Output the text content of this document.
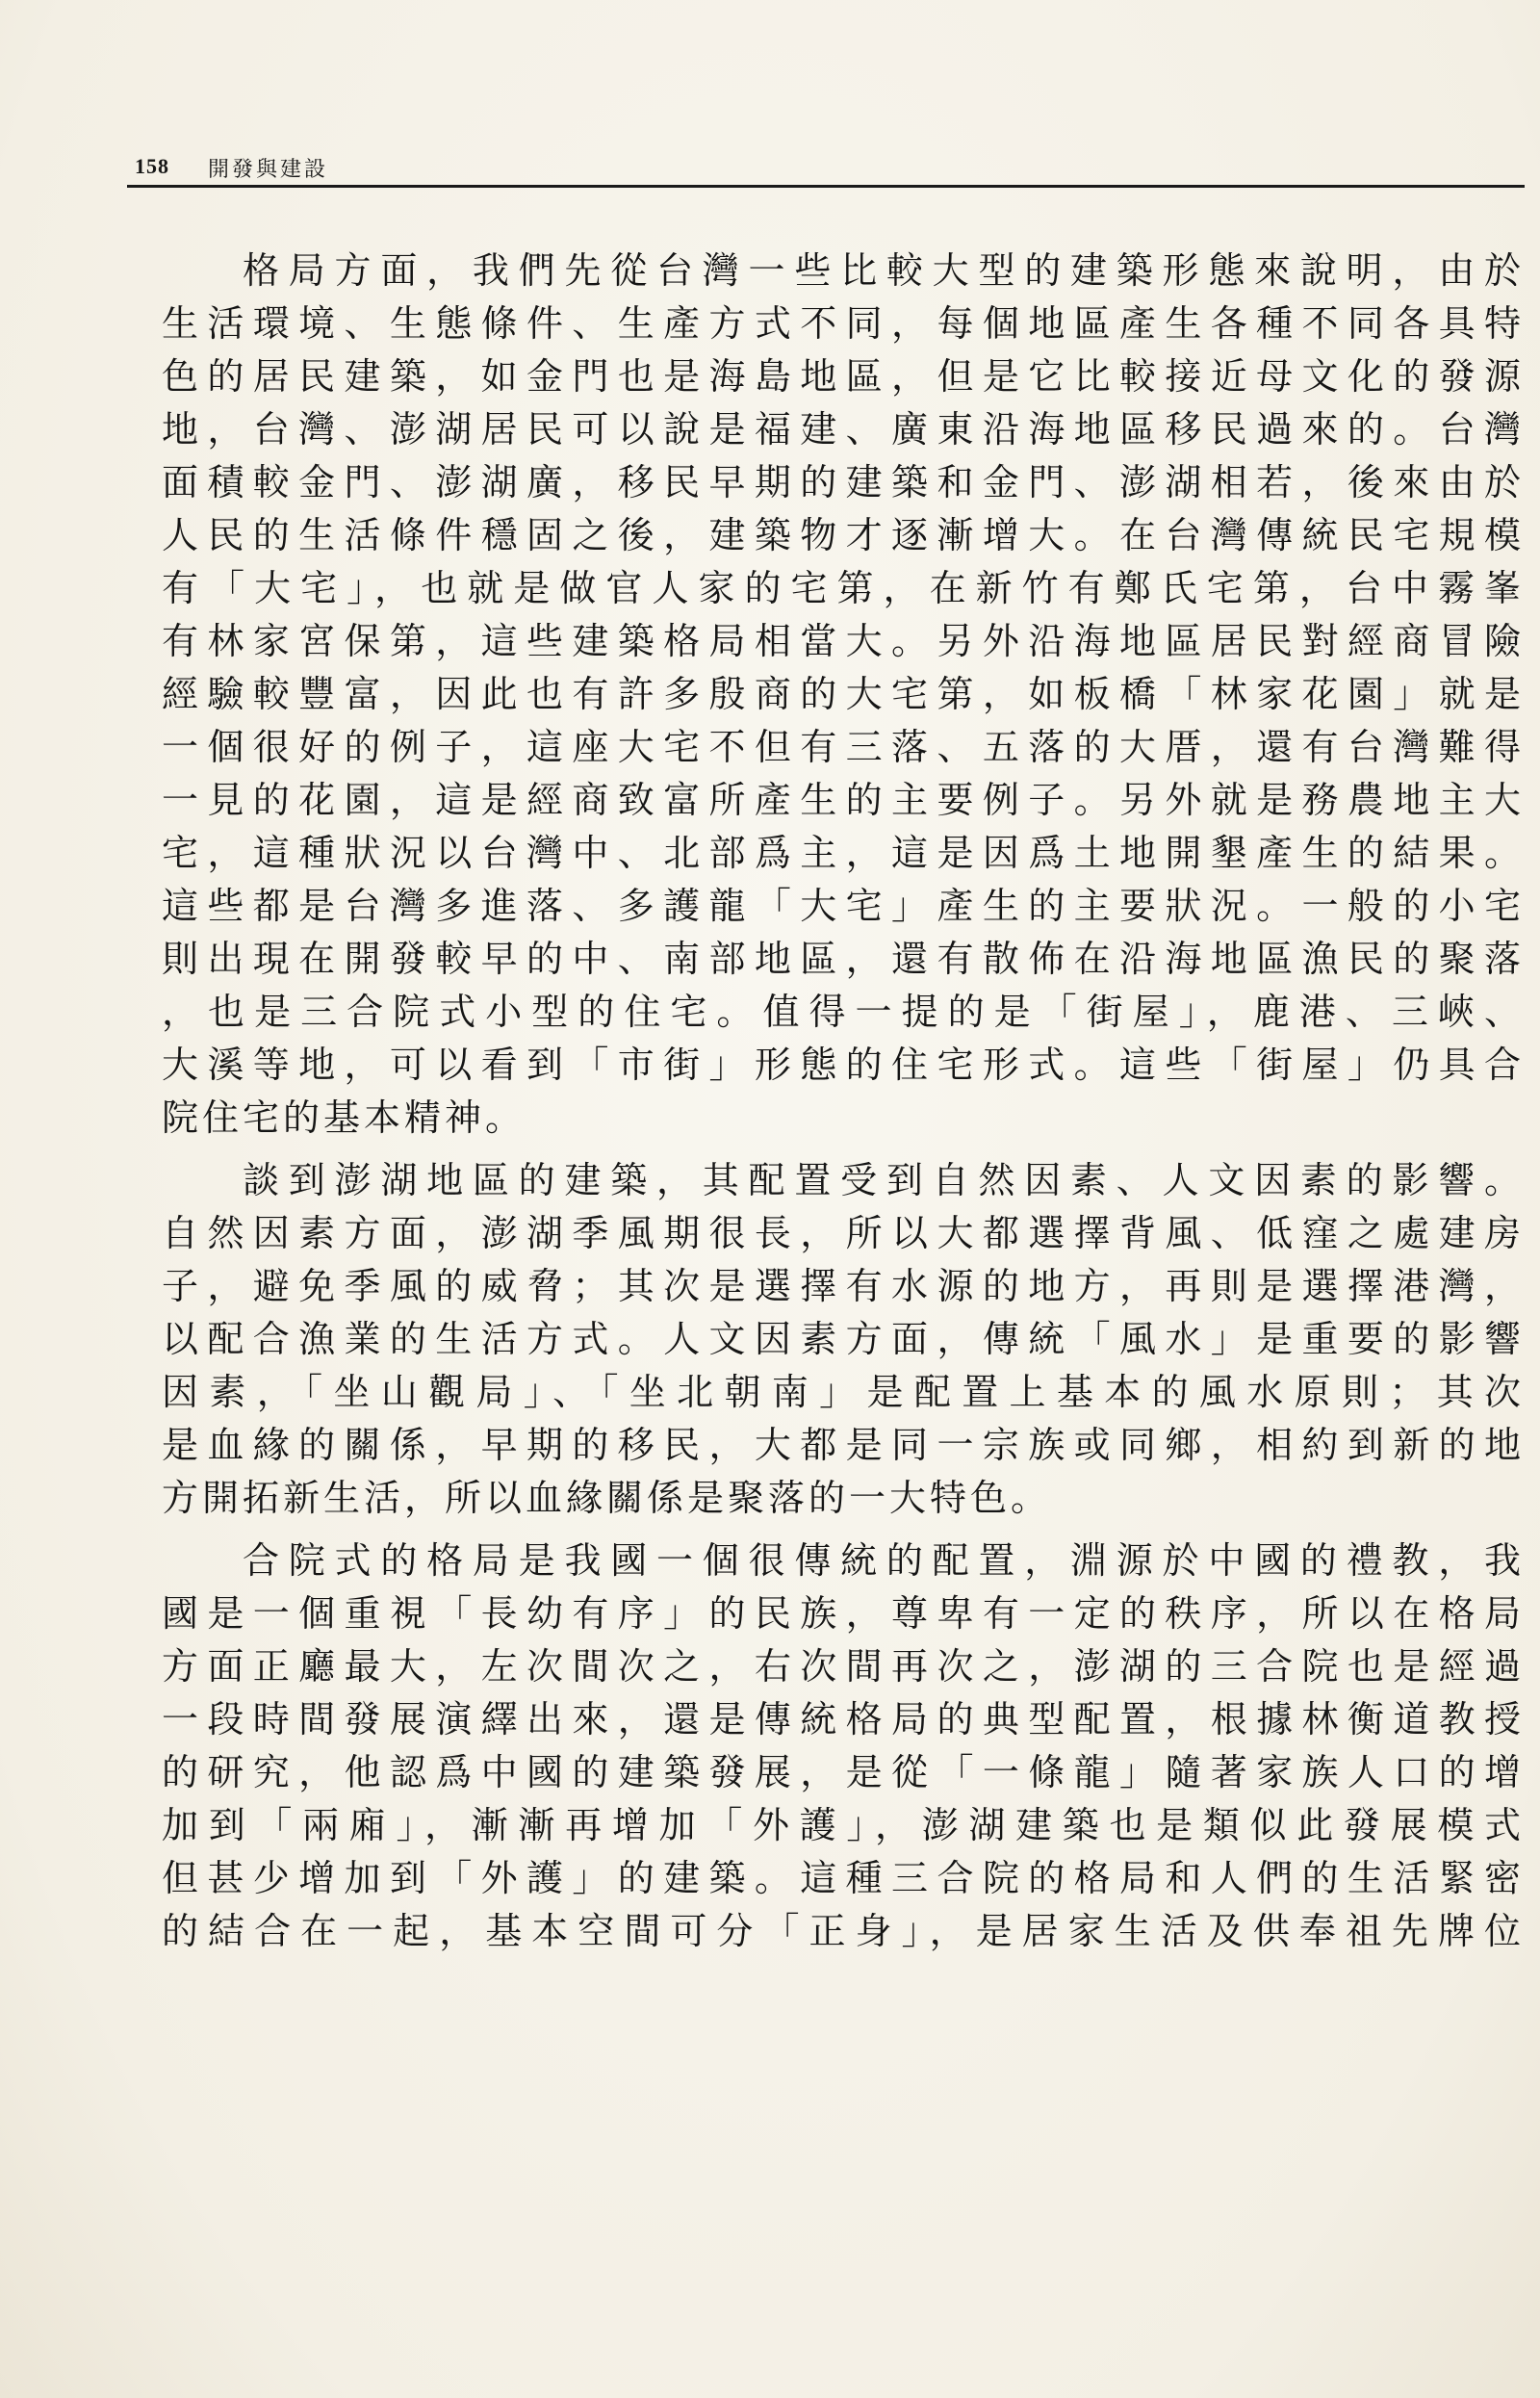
158 開發與建設
格局方面，我們先從台灣一些比較大型的建築形態來說明，由於
生活環境、生態條件、生產方式不同，每個地區產生各種不同各具特
色的居民建築，如金門也是海島地區，但是它比較接近母文化的發源
地，台灣、澎湖居民可以說是福建、廣東沿海地區移民過來的。台灣
面積較金門、澎湖廣，移民早期的建築和金門、澎湖相若，後來由於
人民的生活條件穩固之後，建築物才逐漸增大。在台灣傳統民宅規模
有「大宅」，也就是做官人家的宅第，在新竹有鄭氏宅第，台中霧峯
有林家宮保第，這些建築格局相當大。另外沿海地區居民對經商冒險
經驗較豐富，因此也有許多殷商的大宅第，如板橋「林家花園」就是
一個很好的例子，這座大宅不但有三落、五落的大厝，還有台灣難得
一見的花園，這是經商致富所產生的主要例子。另外就是務農地主大
宅，這種狀況以台灣中、北部爲主，這是因爲土地開墾產生的結果。
這些都是台灣多進落、多護龍「大宅」產生的主要狀況。一般的小宅
則出現在開發較早的中、南部地區，還有散佈在沿海地區漁民的聚落
，也是三合院式小型的住宅。值得一提的是「街屋」，鹿港、三峽、
大溪等地，可以看到「市街」形態的住宅形式。這些「街屋」仍具合
院住宅的基本精神。
談到澎湖地區的建築，其配置受到自然因素、人文因素的影響。
自然因素方面，澎湖季風期很長，所以大都選擇背風、低窪之處建房
子，避免季風的威脅；其次是選擇有水源的地方，再則是選擇港灣，
以配合漁業的生活方式。人文因素方面，傳統「風水」是重要的影響
因素，「坐山觀局」、「坐北朝南」是配置上基本的風水原則；其次
是血緣的關係，早期的移民，大都是同一宗族或同鄉，相約到新的地
方開拓新生活，所以血緣關係是聚落的一大特色。
合院式的格局是我國一個很傳統的配置，淵源於中國的禮教，我
國是一個重視「長幼有序」的民族，尊卑有一定的秩序，所以在格局
方面正廳最大，左次間次之，右次間再次之，澎湖的三合院也是經過
一段時間發展演繹出來，還是傳統格局的典型配置，根據林衡道教授
的研究，他認爲中國的建築發展，是從「一條龍」隨著家族人口的增
加到「兩廂」，漸漸再增加「外護」，澎湖建築也是類似此發展模式
但甚少增加到「外護」的建築。這種三合院的格局和人們的生活緊密
的結合在一起，基本空間可分「正身」，是居家生活及供奉祖先牌位
